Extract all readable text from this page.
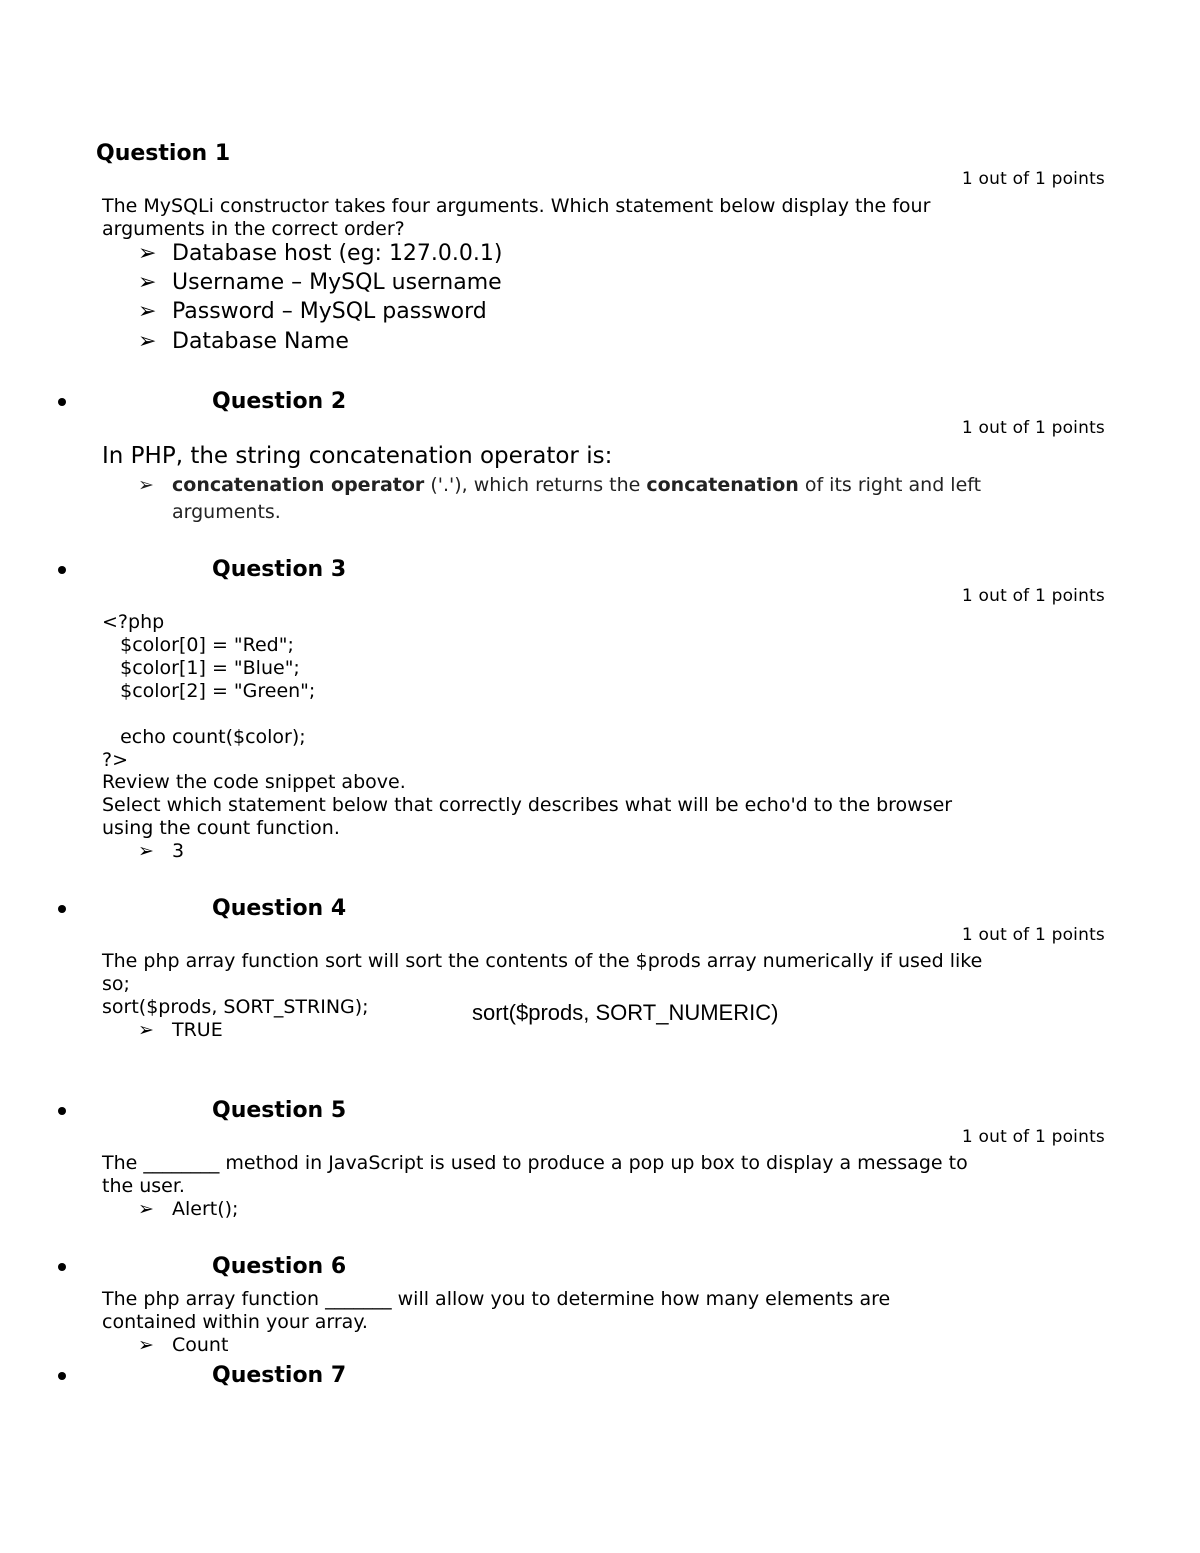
Question 1
1 out of 1 points
The MySQLi constructor takes four arguments. Which statement below display the four arguments in the correct order?
➢ Database host (eg: 127.0.0.1)
➢ Username – MySQL username
➢ Password – MySQL password
➢ Database Name
Question 2
1 out of 1 points
In PHP, the string concatenation operator is:
➢ concatenation operator ('.'), which returns the concatenation of its right and left
arguments.
Question 3
1 out of 1 points
<?php
$color[0] = "Red";
$color[1] = "Blue";
$color[2] = "Green";
echo count($color);
?>
Review the code snippet above.
Select which statement below that correctly describes what will be echo'd to the browser using the count function.
➢ 3
Question 4
1 out of 1 points
The php array function sort will sort the contents of the $prods array numerically if used like so;
sort($prods, SORT_STRING);
➢ TRUE
sort($prods, SORT_NUMERIC)
Question 5
1 out of 1 points
The ________ method in JavaScript is used to produce a pop up box to display a message to the user.
➢ Alert();
Question 6
The php array function _______ will allow you to determine how many elements are contained within your array.
➢ Count
Question 7
